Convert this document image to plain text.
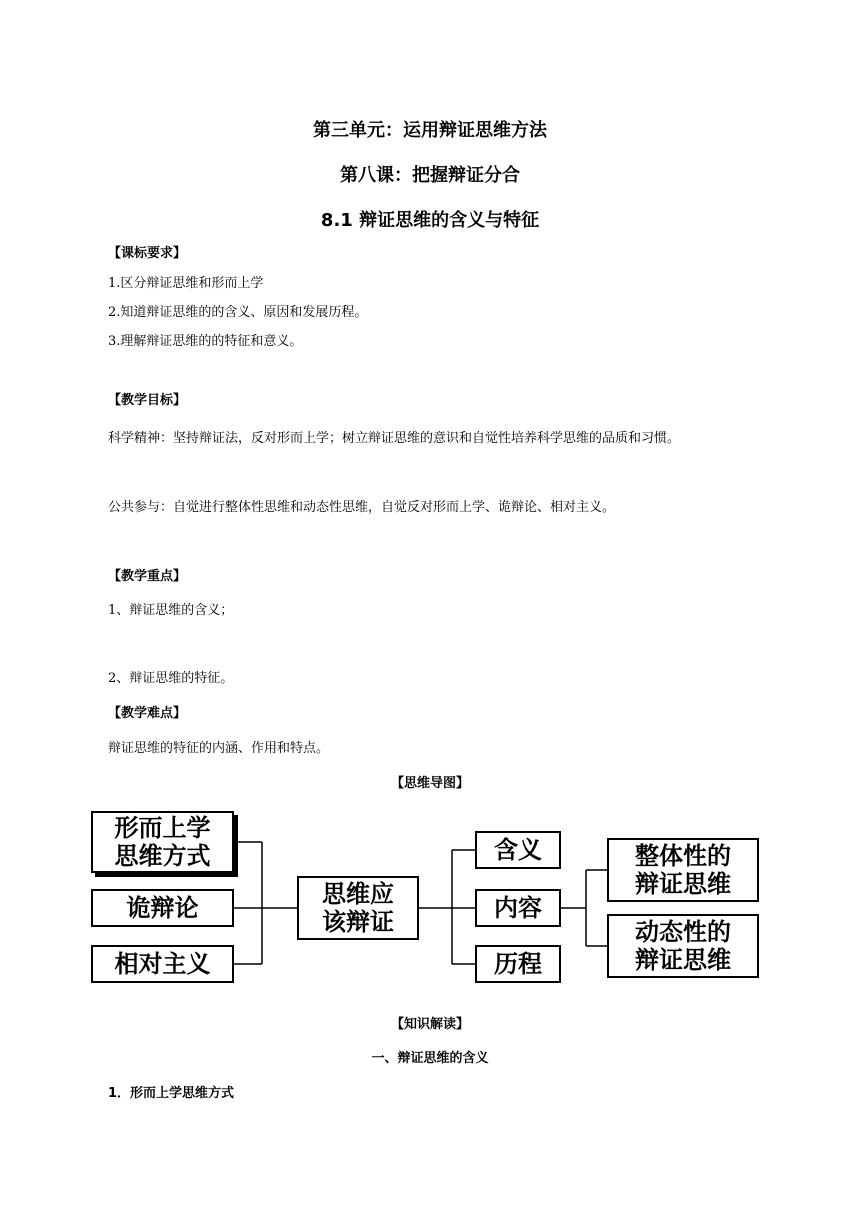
第三单元：运用辩证思维方法
第八课：把握辩证分合
8.1 辩证思维的含义与特征
【课标要求】
1.区分辩证思维和形而上学
2.知道辩证思维的的含义、原因和发展历程。
3.理解辩证思维的的特征和意义。
【教学目标】
科学精神：坚持辩证法，反对形而上学；树立辩证思维的意识和自觉性培养科学思维的品质和习惯。
公共参与：自觉进行整体性思维和动态性思维，自觉反对形而上学、诡辩论、相对主义。
【教学重点】
1、辩证思维的含义；
2、辩证思维的特征。
【教学难点】
辩证思维的特征的内涵、作用和特点。
【思维导图】
形而上学
思维方式
诡辩论
相对主义
思维应
该辩证
含义
内容
历程
整体性的
辩证思维
动态性的
辩证思维
【知识解读】
一、辩证思维的含义
1．形而上学思维方式
